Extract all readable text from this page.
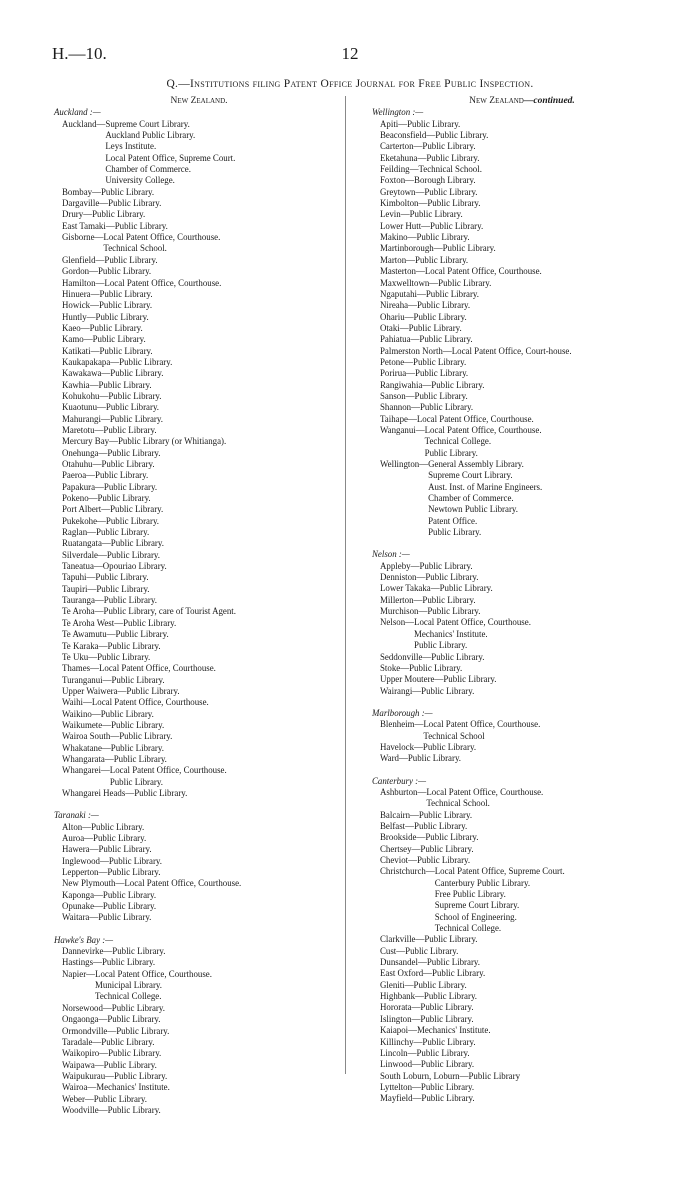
H.—10.	12
Q.—Institutions filing Patent Office Journal for Free Public Inspection.
New Zealand.
Auckland :—
Auckland—Supreme Court Library.
Auckland Public Library.
Leys Institute.
Local Patent Office, Supreme Court.
Chamber of Commerce.
University College.
Bombay—Public Library.
Dargaville—Public Library.
Drury—Public Library.
East Tamaki—Public Library.
Gisborne—Local Patent Office, Courthouse.
Technical School.
Glenfield—Public Library.
Gordon—Public Library.
Hamilton—Local Patent Office, Courthouse.
Hinuera—Public Library.
Howick—Public Library.
Huntly—Public Library.
Kaeo—Public Library.
Kamo—Public Library.
Katikati—Public Library.
Kaukapakapa—Public Library.
Kawakawa—Public Library.
Kawhia—Public Library.
Kohukohu—Public Library.
Kuaotunu—Public Library.
Mahurangi—Public Library.
Maretotu—Public Library.
Mercury Bay—Public Library (or Whitianga).
Onehunga—Public Library.
Otahuhu—Public Library.
Paeroa—Public Library.
Papakura—Public Library.
Pokeno—Public Library.
Port Albert—Public Library.
Pukekohe—Public Library.
Raglan—Public Library.
Ruatangata—Public Library.
Silverdale—Public Library.
Taneatua—Opouriao Library.
Tapuhi—Public Library.
Taupiri—Public Library.
Tauranga—Public Library.
Te Aroha—Public Library, care of Tourist Agent.
Te Aroha West—Public Library.
Te Awamutu—Public Library.
Te Karaka—Public Library.
Te Uku—Public Library.
Thames—Local Patent Office, Courthouse.
Turanganui—Public Library.
Upper Waiwera—Public Library.
Waihi—Local Patent Office, Courthouse.
Waikino—Public Library.
Waikumete—Public Library.
Wairoa South—Public Library.
Whakatane—Public Library.
Whangarata—Public Library.
Whangarei—Local Patent Office, Courthouse.
Public Library.
Whangarei Heads—Public Library.
Taranaki :—
Alton—Public Library.
Auroa—Public Library.
Hawera—Public Library.
Inglewood—Public Library.
Lepperton—Public Library.
New Plymouth—Local Patent Office, Courthouse.
Kaponga—Public Library.
Opunake—Public Library.
Waitara—Public Library.
Hawke's Bay :—
Dannevirke—Public Library.
Hastings—Public Library.
Napier—Local Patent Office, Courthouse.
Municipal Library.
Technical College.
Norsewood—Public Library.
Ongaonga—Public Library.
Ormondville—Public Library.
Taradale—Public Library.
Waikopiro—Public Library.
Waipawa—Public Library.
Waipukurau—Public Library.
Wairoa—Mechanics' Institute.
Weber—Public Library.
Woodville—Public Library.
New Zealand—continued.
Wellington :—
Apiti—Public Library.
Beaconsfield—Public Library.
Carterton—Public Library.
Eketahuna—Public Library.
Feilding—Technical School.
Foxton—Borough Library.
Greytown—Public Library.
Kimbolton—Public Library.
Levin—Public Library.
Lower Hutt—Public Library.
Makino—Public Library.
Martinborough—Public Library.
Marton—Public Library.
Masterton—Local Patent Office, Courthouse.
Maxwelltown—Public Library.
Ngaputahi—Public Library.
Nireaha—Public Library.
Ohariu—Public Library.
Otaki—Public Library.
Pahiatua—Public Library.
Palmerston North—Local Patent Office, Court-house.
Petone—Public Library.
Porirua—Public Library.
Rangiwahia—Public Library.
Sanson—Public Library.
Shannon—Public Library.
Taihape—Local Patent Office, Courthouse.
Wanganui—Local Patent Office, Courthouse.
Technical College.
Public Library.
Wellington—General Assembly Library.
Supreme Court Library.
Aust. Inst. of Marine Engineers.
Chamber of Commerce.
Newtown Public Library.
Patent Office.
Public Library.
Nelson :—
Appleby—Public Library.
Denniston—Public Library.
Lower Takaka—Public Library.
Millerton—Public Library.
Murchison—Public Library.
Nelson—Local Patent Office, Courthouse.
Mechanics' Institute.
Public Library.
Seddonville—Public Library.
Stoke—Public Library.
Upper Moutere—Public Library.
Wairangi—Public Library.
Marlborough :—
Blenheim—Local Patent Office, Courthouse.
Technical School
Havelock—Public Library.
Ward—Public Library.
Canterbury :—
Ashburton—Local Patent Office, Courthouse.
Technical School.
Balcairn—Public Library.
Belfast—Public Library.
Brookside—Public Library.
Chertsey—Public Library.
Cheviot—Public Library.
Christchurch—Local Patent Office, Supreme Court.
Canterbury Public Library.
Free Public Library.
Supreme Court Library.
School of Engineering.
Technical College.
Clarkville—Public Library.
Cust—Public Library.
Dunsandel—Public Library.
East Oxford—Public Library.
Gleniti—Public Library.
Highbank—Public Library.
Hororata—Public Library.
Islington—Public Library.
Kaiapoi—Mechanics' Institute.
Killinchy—Public Library.
Lincoln—Public Library.
Linwood—Public Library.
South Loburn, Loburn—Public Library
Lyttelton—Public Library.
Mayfield—Public Library.
